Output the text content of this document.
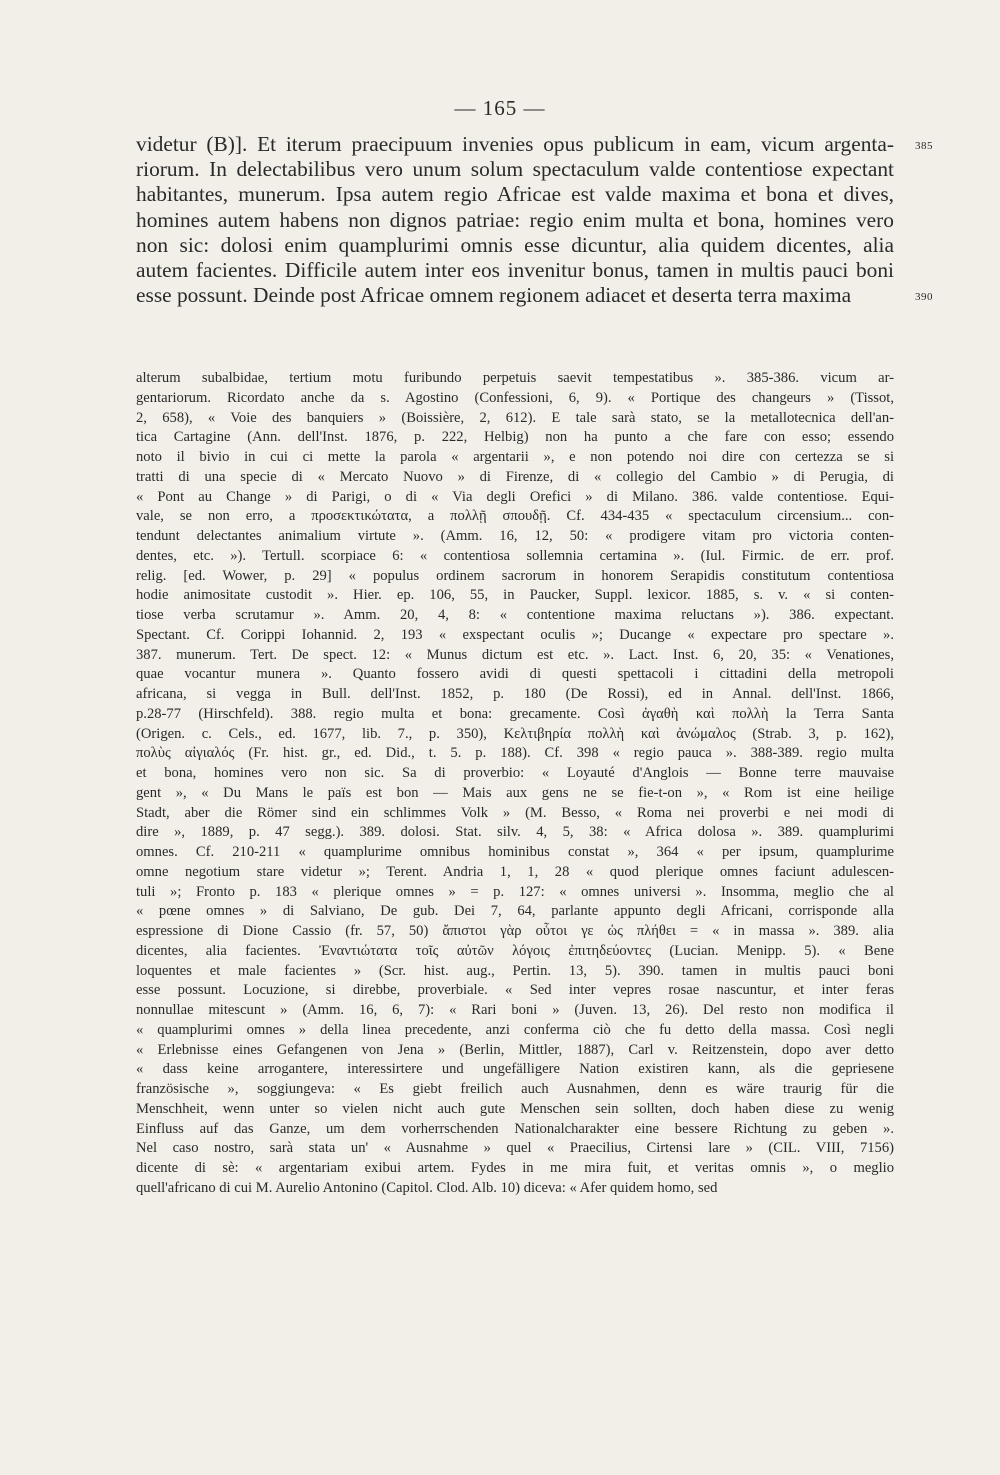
— 165 —
videtur (B)]. Et iterum praecipuum invenies opus publicum in eam, vicum argenta-
riorum. In delectabilibus vero unum solum spectaculum valde contentiose expectant
habitantes, munerum. Ipsa autem regio Africae est valde maxima et bona et dives,
homines autem habens non dignos patriae: regio enim multa et bona, homines vero
non sic: dolosi enim quamplurimi omnis esse dicuntur, alia quidem dicentes, alia
autem facientes. Difficile autem inter eos invenitur bonus, tamen in multis pauci boni
esse possunt. Deinde post Africae omnem regionem adiacet et deserta terra maxima
385
390
alterum subalbidae, tertium motu furibundo perpetuis saevit tempestatibus ». 385-386. vicum ar-
gentariorum. Ricordato anche da s. Agostino (Confessioni, 6, 9). « Portique des changeurs » (Tissot,
2, 658), « Voie des banquiers » (Boissière, 2, 612). E tale sarà stato, se la metallotecnica dell'an-
tica Cartagine (Ann. dell'Inst. 1876, p. 222, Helbig) non ha punto a che fare con esso; essendo
noto il bivio in cui ci mette la parola « argentarii », e non potendo noi dire con certezza se si
tratti di una specie di « Mercato Nuovo » di Firenze, di « collegio del Cambio » di Perugia, di
« Pont au Change » di Parigi, o di « Via degli Orefici » di Milano. 386. valde contentiose. Equi-
vale, se non erro, a προσεκτικώτατα, a πολλῇ σπουδῇ. Cf. 434-435 « spectaculum circensium... con-
tendunt delectantes animalium virtute ». (Amm. 16, 12, 50: « prodigere vitam pro victoria conten-
dentes, etc. »). Tertull. scorpiace 6: « contentiosa sollemnia certamina ». (Iul. Firmic. de err. prof.
relig. [ed. Wower, p. 29] « populus ordinem sacrorum in honorem Serapidis constitutum contentiosa
hodie animositate custodit ». Hier. ep. 106, 55, in Paucker, Suppl. lexicor. 1885, s. v. « si conten-
tiose verba scrutamur ». Amm. 20, 4, 8: « contentione maxima reluctans »). 386. expectant.
Spectant. Cf. Corippi Iohannid. 2, 193 « exspectant oculis »; Ducange « expectare pro spectare ».
387. munerum. Tert. De spect. 12: « Munus dictum est etc. ». Lact. Inst. 6, 20, 35: « Venationes,
quae vocantur munera ». Quanto fossero avidi di questi spettacoli i cittadini della metropoli
africana, si vegga in Bull. dell'Inst. 1852, p. 180 (De Rossi), ed in Annal. dell'Inst. 1866,
p.28-77 (Hirschfeld). 388. regio multa et bona: grecamente. Così ἀγαθὴ καὶ πολλὴ la Terra Santa
(Origen. c. Cels., ed. 1677, lib. 7., p. 350), Κελτιβηρία πολλὴ καὶ ἀνώμαλος (Strab. 3, p. 162),
πολὺς αἰγιαλός (Fr. hist. gr., ed. Did., t. 5. p. 188). Cf. 398 « regio pauca ». 388-389. regio multa
et bona, homines vero non sic. Sa di proverbio: « Loyauté d'Anglois — Bonne terre mauvaise
gent », « Du Mans le païs est bon — Mais aux gens ne se fie-t-on », « Rom ist eine heilige
Stadt, aber die Römer sind ein schlimmes Volk » (M. Besso, « Roma nei proverbi e nei modi di
dire », 1889, p. 47 segg.). 389. dolosi. Stat. silv. 4, 5, 38: « Africa dolosa ». 389. quamplurimi
omnes. Cf. 210-211 « quamplurime omnibus hominibus constat », 364 « per ipsum, quamplurime
omne negotium stare videtur »; Terent. Andria 1, 1, 28 « quod plerique omnes faciunt adulescen-
tuli »; Fronto p. 183 « plerique omnes » = p. 127: « omnes universi ». Insomma, meglio che al
« pœne omnes » di Salviano, De gub. Dei 7, 64, parlante appunto degli Africani, corrisponde alla
espressione di Dione Cassio (fr. 57, 50) ἄπιστοι γὰρ οὗτοι γε ὡς πλήθει = « in massa ». 389. alia
dicentes, alia facientes. Ἐναντιώτατα τοῖς αὐτῶν λόγοις ἐπιτηδεύοντες (Lucian. Menipp. 5). « Bene
loquentes et male facientes » (Scr. hist. aug., Pertin. 13, 5). 390. tamen in multis pauci boni
esse possunt. Locuzione, si direbbe, proverbiale. « Sed inter vepres rosae nascuntur, et inter feras
nonnullae mitescunt » (Amm. 16, 6, 7): « Rari boni » (Juven. 13, 26). Del resto non modifica il
« quamplurimi omnes » della linea precedente, anzi conferma ciò che fu detto della massa. Così negli
« Erlebnisse eines Gefangenen von Jena » (Berlin, Mittler, 1887), Carl v. Reitzenstein, dopo aver detto
« dass keine arrogantere, interessirtere und ungefälligere Nation existiren kann, als die gepriesene
französische », soggiungeva: « Es giebt freilich auch Ausnahmen, denn es wäre traurig für die
Menschheit, wenn unter so vielen nicht auch gute Menschen sein sollten, doch haben diese zu wenig
Einfluss auf das Ganze, um dem vorherrschenden Nationalcharakter eine bessere Richtung zu geben ».
Nel caso nostro, sarà stata un' « Ausnahme » quel « Praecilius, Cirtensi lare » (CIL. VIII, 7156)
dicente di sè: « argentariam exibui artem. Fydes in me mira fuit, et veritas omnis », o meglio
quell'africano di cui M. Aurelio Antonino (Capitol. Clod. Alb. 10) diceva: « Afer quidem homo, sed
